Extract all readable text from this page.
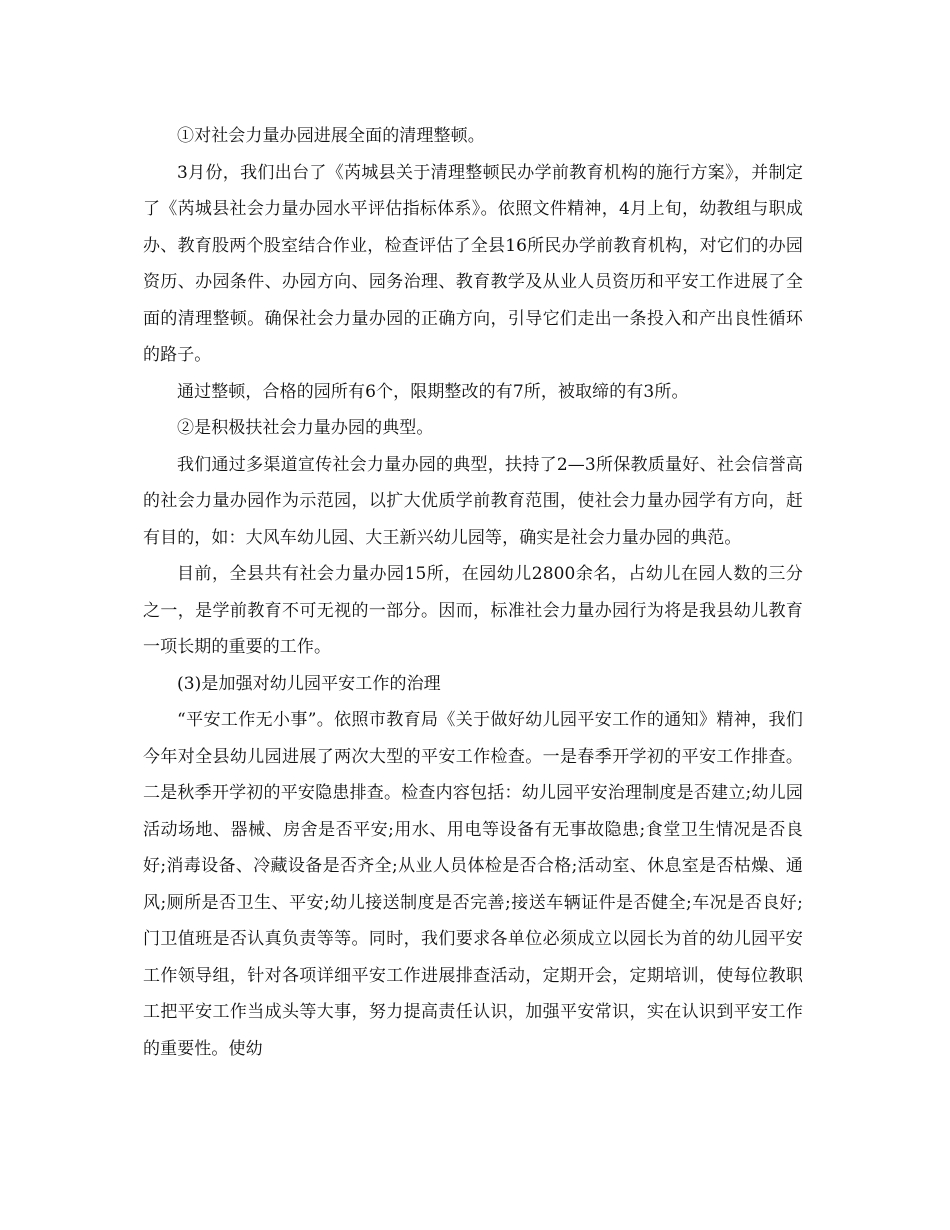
①对社会力量办园进展全面的清理整顿。

3月份，我们出台了《芮城县关于清理整顿民办学前教育机构的施行方案》，并制定了《芮城县社会力量办园水平评估指标体系》。依照文件精神，4月上旬，幼教组与职成办、教育股两个股室结合作业，检查评估了全县16所民办学前教育机构，对它们的办园资历、办园条件、办园方向、园务治理、教育教学及从业人员资历和平安工作进展了全面的清理整顿。确保社会力量办园的正确方向，引导它们走出一条投入和产出良性循环的路子。

通过整顿，合格的园所有6个，限期整改的有7所，被取缔的有3所。

②是积极扶社会力量办园的典型。

我们通过多渠道宣传社会力量办园的典型，扶持了2—3所保教质量好、社会信誉高的社会力量办园作为示范园，以扩大优质学前教育范围，使社会力量办园学有方向，赶有目的，如：大风车幼儿园、大王新兴幼儿园等，确实是社会力量办园的典范。

目前，全县共有社会力量办园15所，在园幼儿2800余名，占幼儿在园人数的三分之一，是学前教育不可无视的一部分。因而，标准社会力量办园行为将是我县幼儿教育一项长期的重要的工作。

(3)是加强对幼儿园平安工作的治理

“平安工作无小事”。依照市教育局《关于做好幼儿园平安工作的通知》精神，我们今年对全县幼儿园进展了两次大型的平安工作检查。一是春季开学初的平安工作排查。二是秋季开学初的平安隐患排查。检查内容包括：幼儿园平安治理制度是否建立;幼儿园活动场地、器械、房舍是否平安;用水、用电等设备有无事故隐患;食堂卫生情况是否良好;消毒设备、冷藏设备是否齐全;从业人员体检是否合格;活动室、休息室是否枯燥、通风;厕所是否卫生、平安;幼儿接送制度是否完善;接送车辆证件是否健全;车况是否良好;门卫值班是否认真负责等等。同时，我们要求各单位必须成立以园长为首的幼儿园平安工作领导组，针对各项详细平安工作进展排查活动，定期开会，定期培训，使每位教职工把平安工作当成头等大事，努力提高责任认识，加强平安常识，实在认识到平安工作的重要性。使幼
